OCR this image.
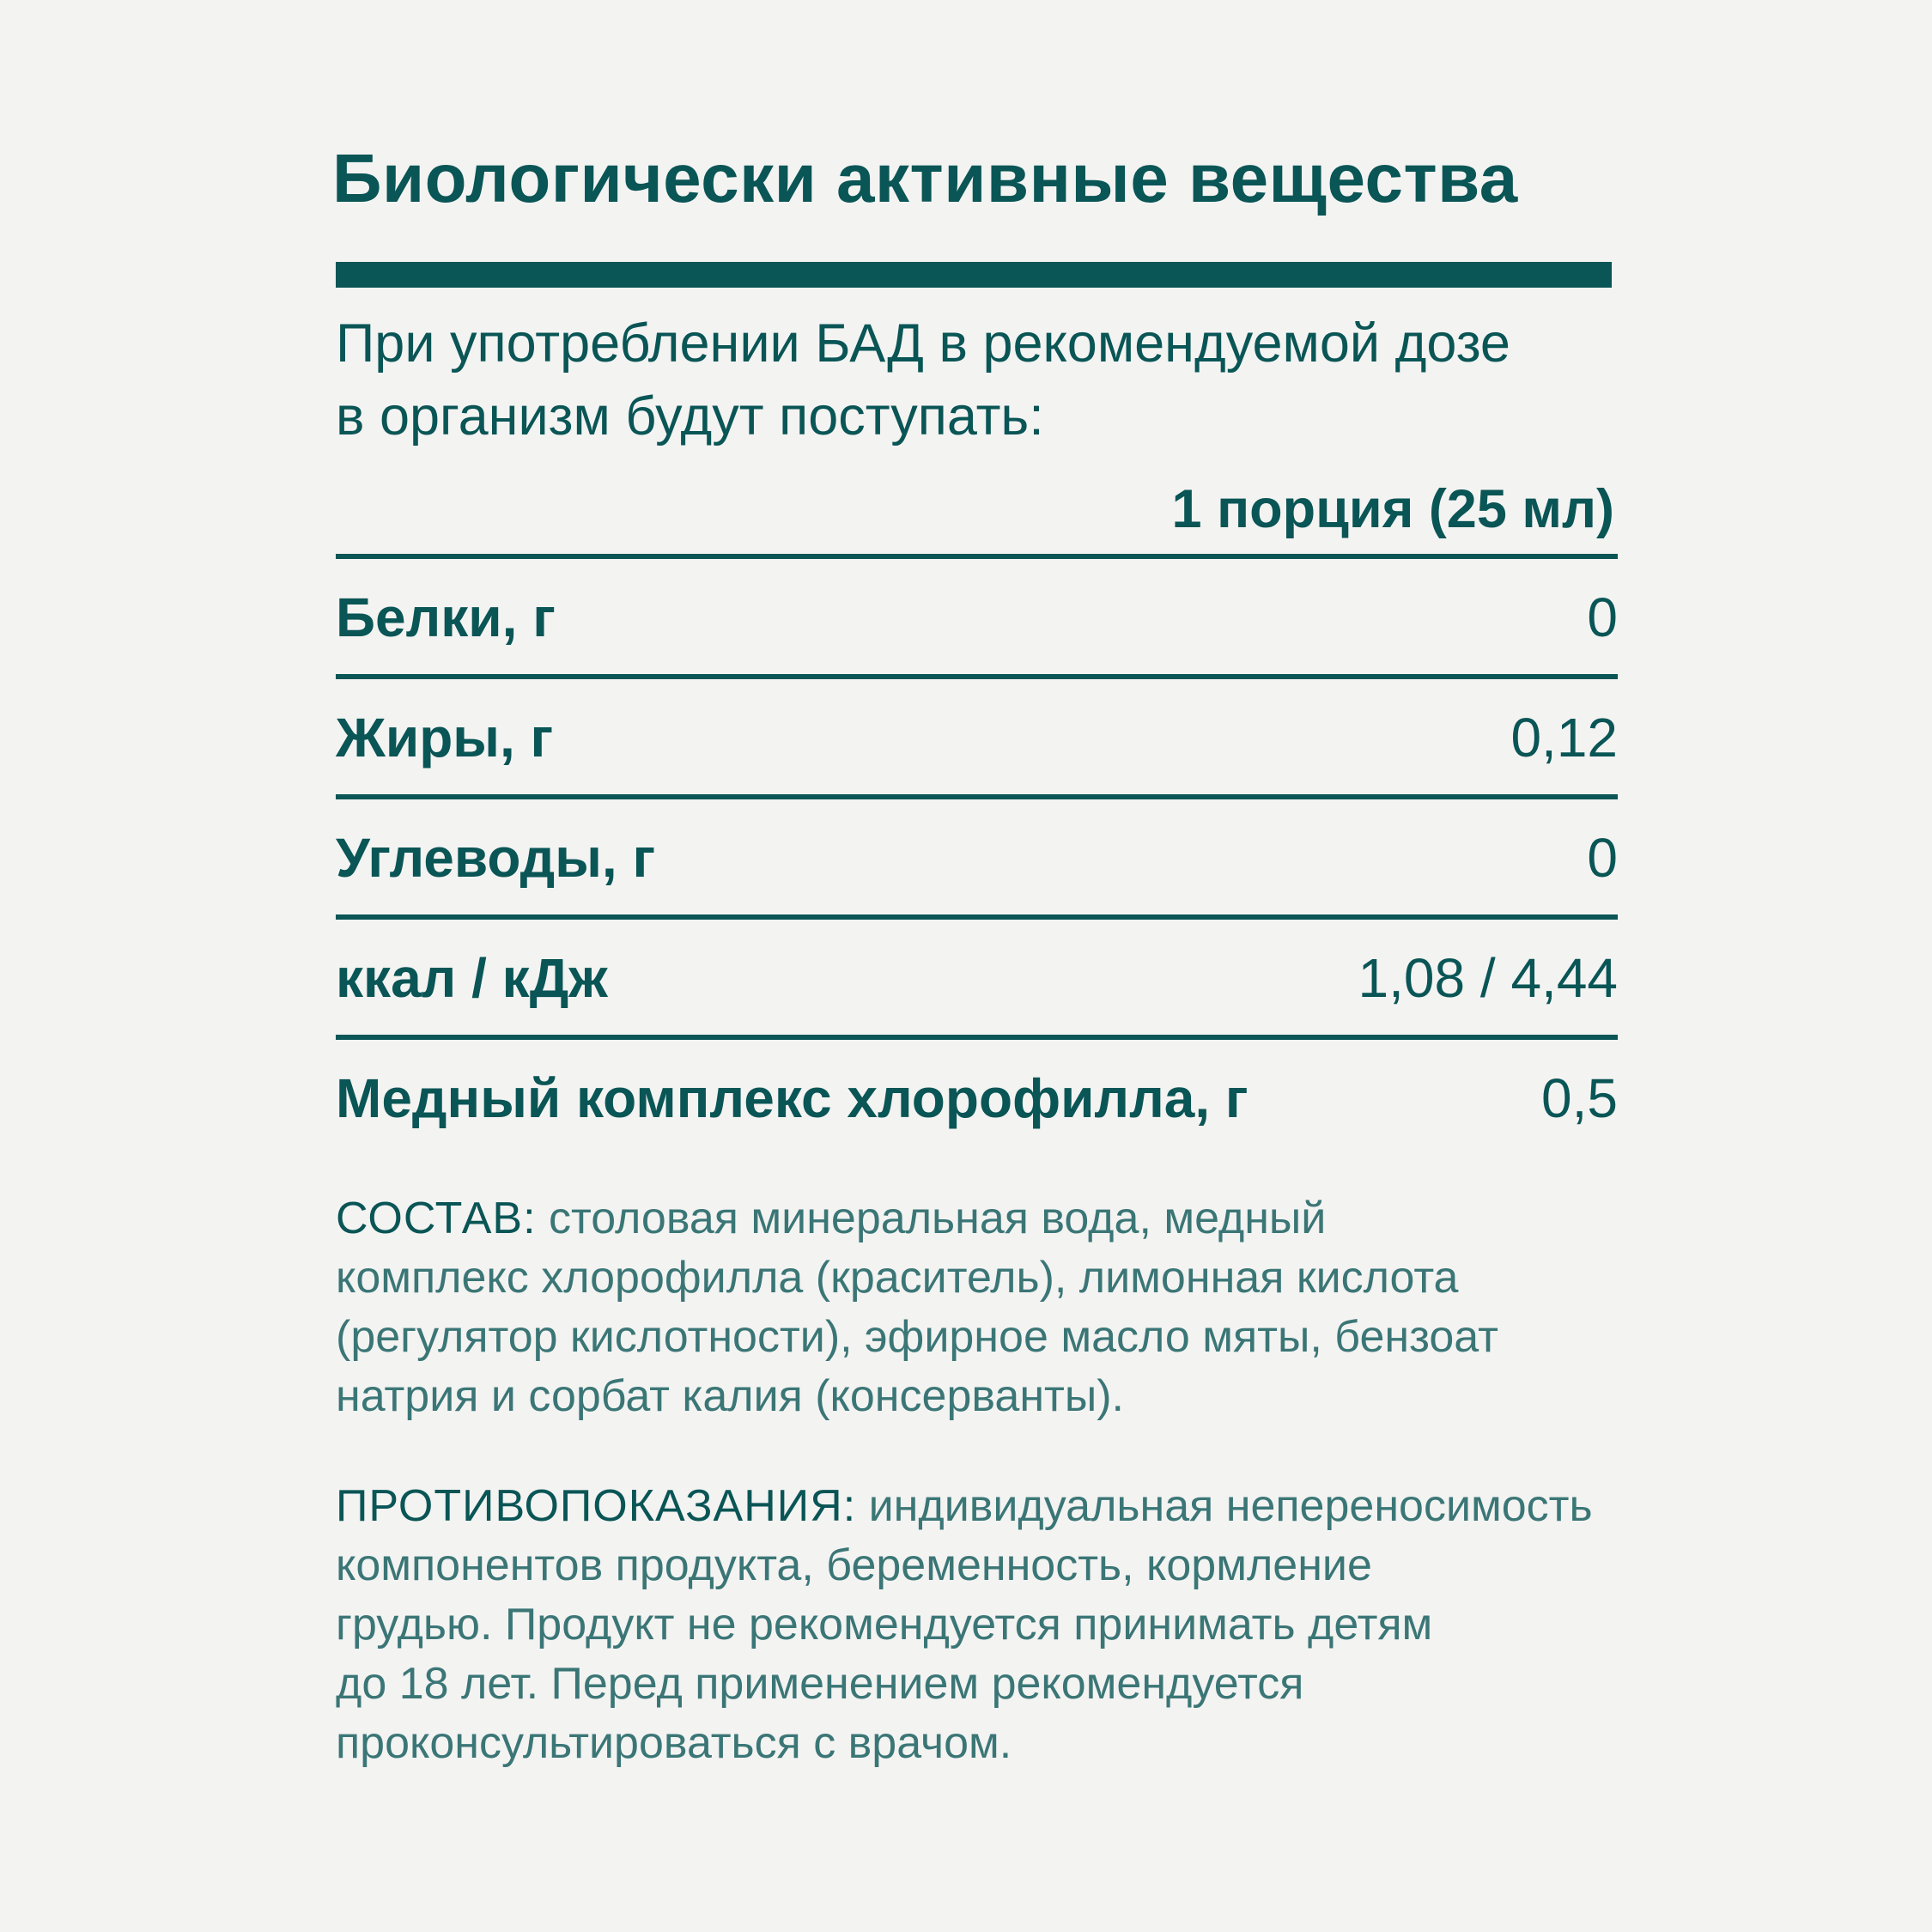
Биологически активные вещества
При употреблении БАД в рекомендуемой дозе
в организм будут поступать:
1 порция (25 мл)
Белки, г	0
Жиры, г	0,12
Углеводы, г	0
ккал / кДж	1,08 / 4,44
Медный комплекс хлорофилла, г	0,5
СОСТАВ: столовая минеральная вода, медный
комплекс хлорофилла (краситель), лимонная кислота
(регулятор кислотности), эфирное масло мяты, бензоат
натрия и сорбат калия (консерванты).
ПРОТИВОПОКАЗАНИЯ: индивидуальная непереносимость
компонентов продукта, беременность, кормление
грудью. Продукт не рекомендуется принимать детям
до 18 лет. Перед применением рекомендуется
проконсультироваться с врачом.
